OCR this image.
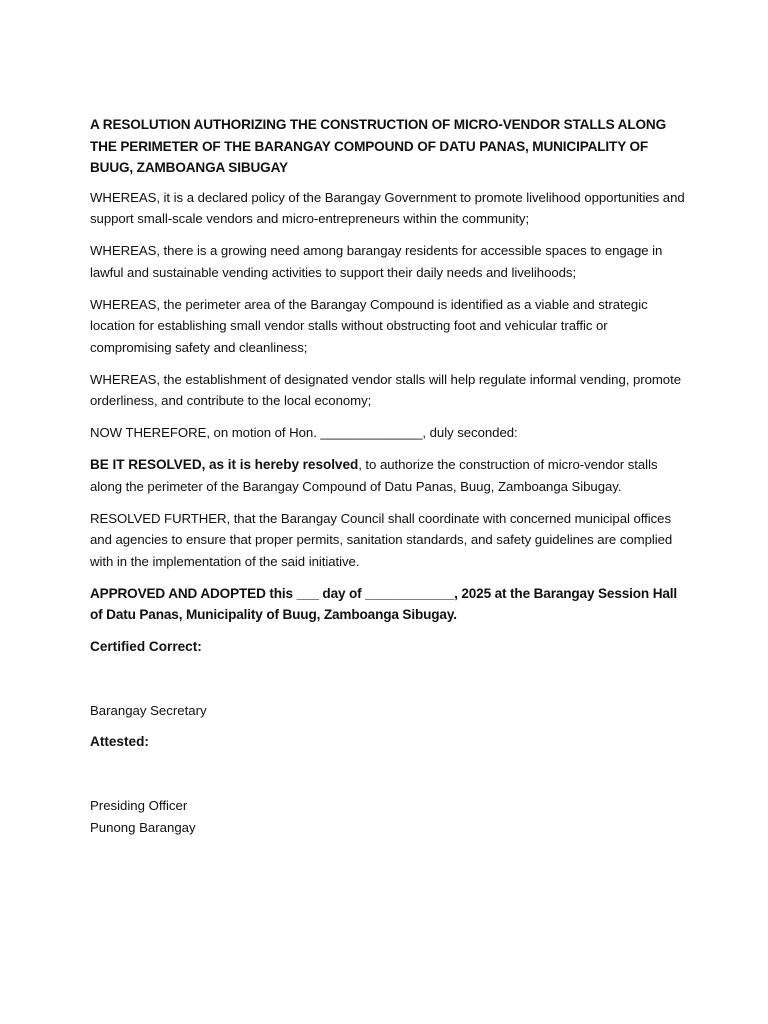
A RESOLUTION AUTHORIZING THE CONSTRUCTION OF MICRO-VENDOR STALLS ALONG THE PERIMETER OF THE BARANGAY COMPOUND OF DATU PANAS, MUNICIPALITY OF BUUG, ZAMBOANGA SIBUGAY

WHEREAS, it is a declared policy of the Barangay Government to promote livelihood opportunities and support small-scale vendors and micro-entrepreneurs within the community;

WHEREAS, there is a growing need among barangay residents for accessible spaces to engage in lawful and sustainable vending activities to support their daily needs and livelihoods;

WHEREAS, the perimeter area of the Barangay Compound is identified as a viable and strategic location for establishing small vendor stalls without obstructing foot and vehicular traffic or compromising safety and cleanliness;

WHEREAS, the establishment of designated vendor stalls will help regulate informal vending, promote orderliness, and contribute to the local economy;

NOW THEREFORE, on motion of Hon. ______________, duly seconded:

BE IT RESOLVED, as it is hereby resolved, to authorize the construction of micro-vendor stalls along the perimeter of the Barangay Compound of Datu Panas, Buug, Zamboanga Sibugay.

RESOLVED FURTHER, that the Barangay Council shall coordinate with concerned municipal offices and agencies to ensure that proper permits, sanitation standards, and safety guidelines are complied with in the implementation of the said initiative.

APPROVED AND ADOPTED this ___ day of ____________, 2025 at the Barangay Session Hall of Datu Panas, Municipality of Buug, Zamboanga Sibugay.

Certified Correct:

Barangay Secretary

Attested:

Presiding Officer

Punong Barangay
